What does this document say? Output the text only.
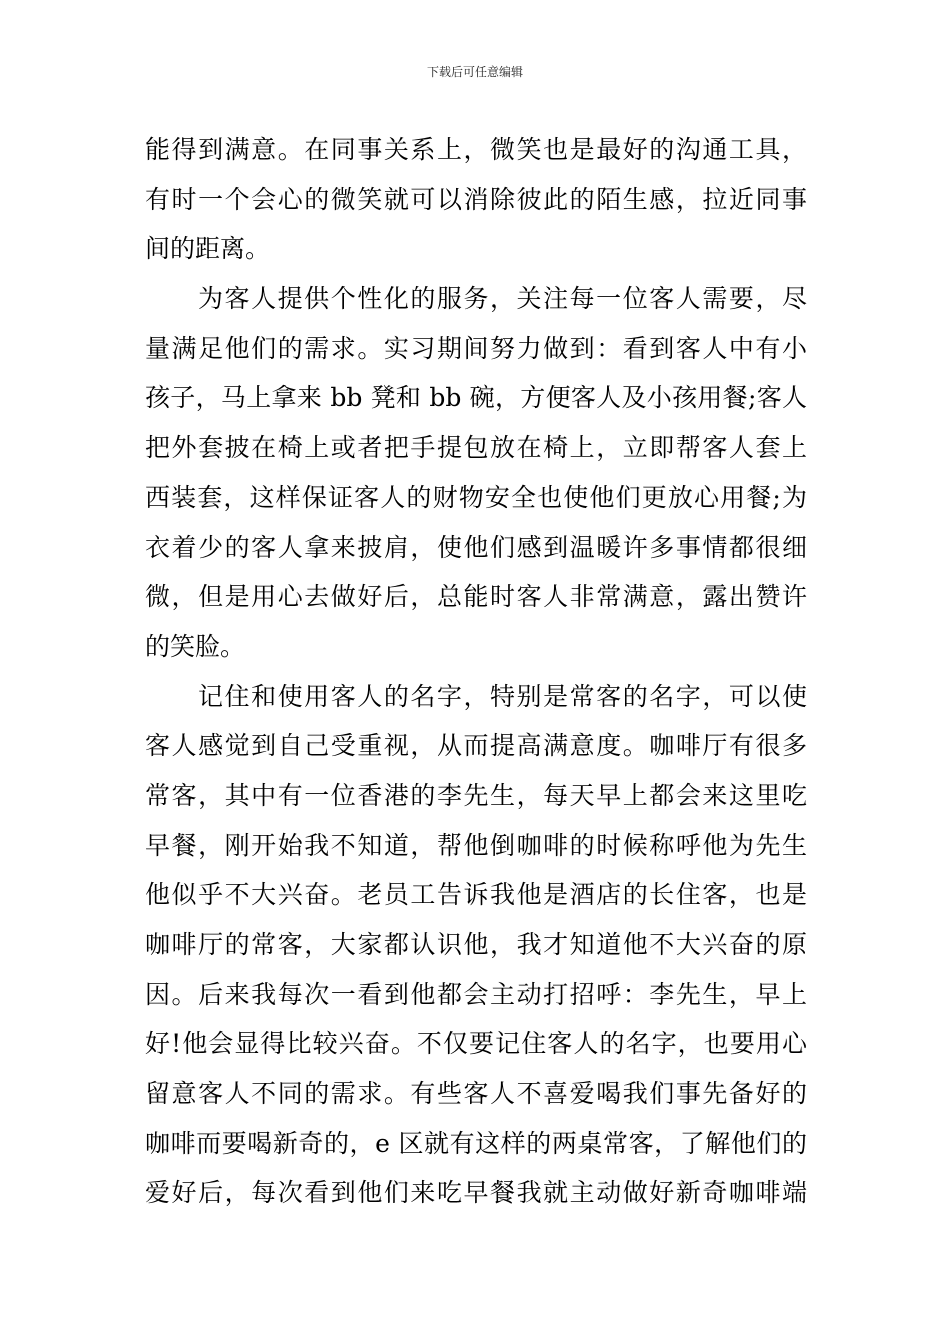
下载后可任意编辑
能得到满意。在同事关系上，微笑也是最好的沟通工具，
有时一个会心的微笑就可以消除彼此的陌生感，拉近同事
间的距离。
为客人提供个性化的服务，关注每一位客人需要，尽
量满足他们的需求。实习期间努力做到：看到客人中有小
孩子，马上拿来 bb 凳和 bb 碗，方便客人及小孩用餐;客人
把外套披在椅上或者把手提包放在椅上，立即帮客人套上
西装套，这样保证客人的财物安全也使他们更放心用餐;为
衣着少的客人拿来披肩，使他们感到温暖许多事情都很细
微，但是用心去做好后，总能时客人非常满意，露出赞许
的笑脸。
记住和使用客人的名字，特别是常客的名字，可以使
客人感觉到自己受重视，从而提高满意度。咖啡厅有很多
常客，其中有一位香港的李先生，每天早上都会来这里吃
早餐，刚开始我不知道，帮他倒咖啡的时候称呼他为先生
他似乎不大兴奋。老员工告诉我他是酒店的长住客，也是
咖啡厅的常客，大家都认识他，我才知道他不大兴奋的原
因。后来我每次一看到他都会主动打招呼：李先生，早上
好!他会显得比较兴奋。不仅要记住客人的名字，也要用心
留意客人不同的需求。有些客人不喜爱喝我们事先备好的
咖啡而要喝新奇的，e 区就有这样的两桌常客，了解他们的
爱好后，每次看到他们来吃早餐我就主动做好新奇咖啡端
